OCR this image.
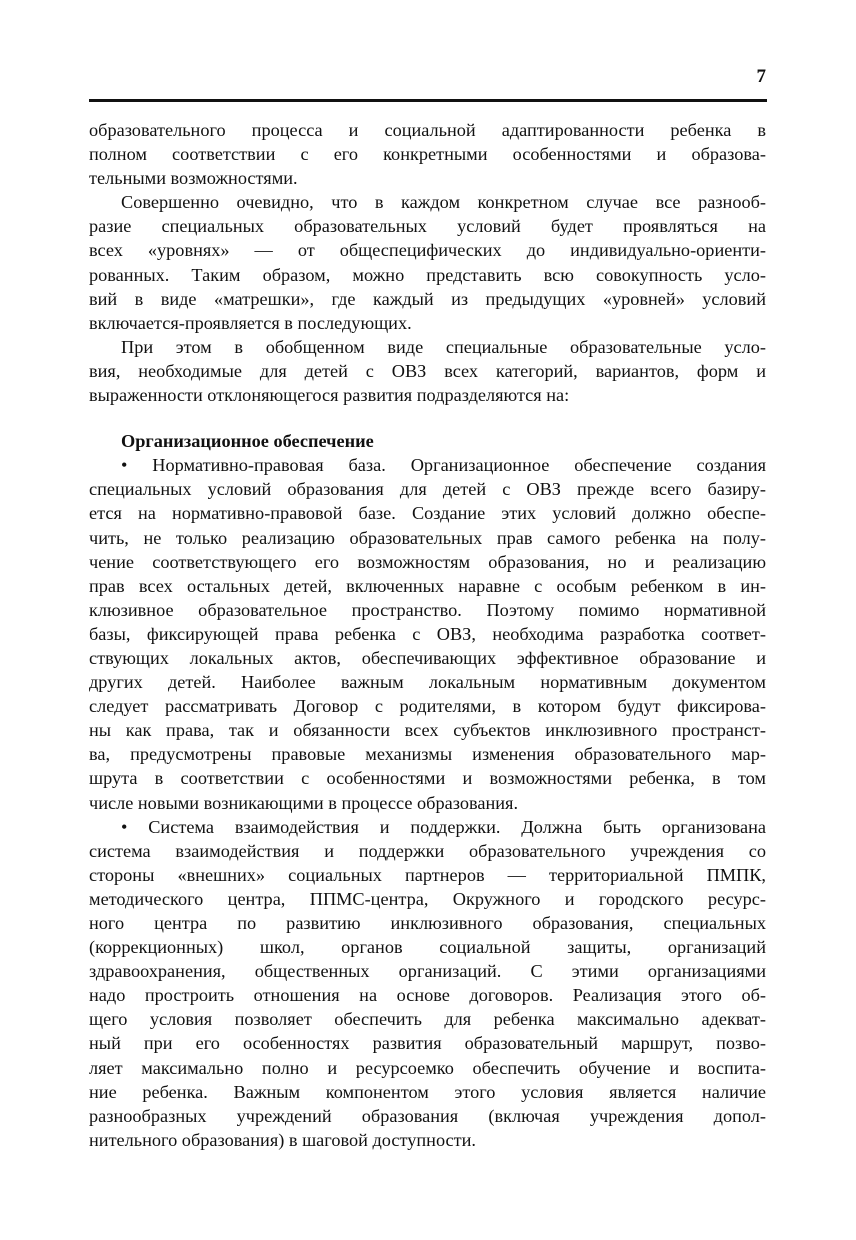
7
образовательного процесса и социальной адаптированности ребенка в
полном соответствии с его конкретными особенностями и образова-
тельными возможностями.
Совершенно очевидно, что в каждом конкретном случае все разнооб-
разие специальных образовательных условий будет проявляться на
всех «уровнях» — от общеспецифических до индивидуально-ориенти-
рованных. Таким образом, можно представить всю совокупность усло-
вий в виде «матрешки», где каждый из предыдущих «уровней» условий
включается-проявляется в последующих.
При этом в обобщенном виде специальные образовательные усло-
вия, необходимые для детей с ОВЗ всех категорий, вариантов, форм и
выраженности отклоняющегося развития подразделяются на:
Организационное обеспечение
• Нормативно-правовая база. Организационное обеспечение создания
специальных условий образования для детей с ОВЗ прежде всего базиру-
ется на нормативно-правовой базе. Создание этих условий должно обеспе-
чить, не только реализацию образовательных прав самого ребенка на полу-
чение соответствующего его возможностям образования, но и реализацию
прав всех остальных детей, включенных наравне с особым ребенком в ин-
клюзивное образовательное пространство. Поэтому помимо нормативной
базы, фиксирующей права ребенка с ОВЗ, необходима разработка соответ-
ствующих локальных актов, обеспечивающих эффективное образование и
других детей. Наиболее важным локальным нормативным документом
следует рассматривать Договор с родителями, в котором будут фиксирова-
ны как права, так и обязанности всех субъектов инклюзивного пространст-
ва, предусмотрены правовые механизмы изменения образовательного мар-
шрута в соответствии с особенностями и возможностями ребенка, в том
числе новыми возникающими в процессе образования.
• Система взаимодействия и поддержки. Должна быть организована
система взаимодействия и поддержки образовательного учреждения со
стороны «внешних» социальных партнеров — территориальной ПМПК,
методического центра, ППМС-центра, Окружного и городского ресурс-
ного центра по развитию инклюзивного образования, специальных
(коррекционных) школ, органов социальной защиты, организаций
здравоохранения, общественных организаций. С этими организациями
надо простроить отношения на основе договоров. Реализация этого об-
щего условия позволяет обеспечить для ребенка максимально адекват-
ный при его особенностях развития образовательный маршрут, позво-
ляет максимально полно и ресурсоемко обеспечить обучение и воспита-
ние ребенка. Важным компонентом этого условия является наличие
разнообразных учреждений образования (включая учреждения допол-
нительного образования) в шаговой доступности.
